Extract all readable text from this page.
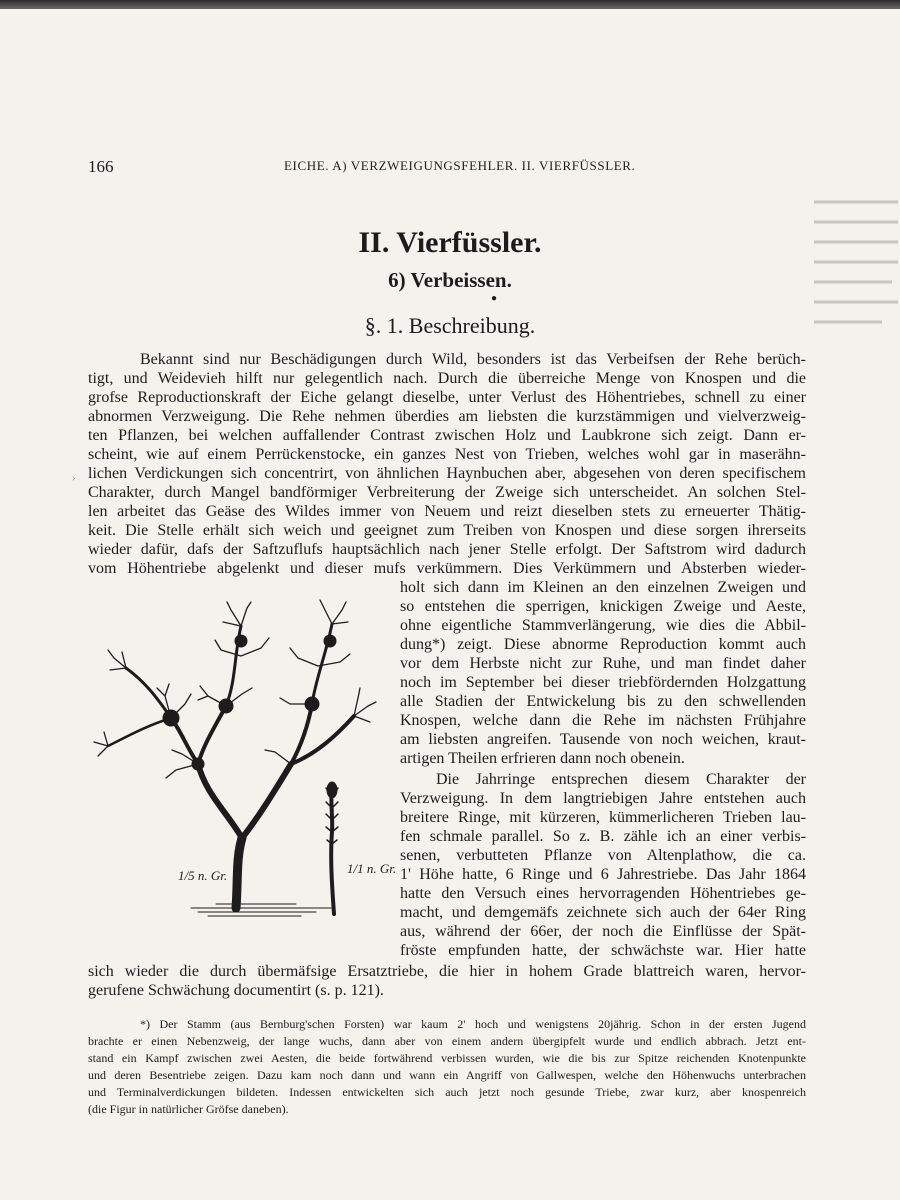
166	EICHE. A) VERZWEIGUNGSFEHLER. II. VIERFÜSSLER.
II. Vierfüssler.
6) Verbeissen.
●
§. 1. Beschreibung.
Bekannt sind nur Beschädigungen durch Wild, besonders ist das Verbeifsen der Rehe berüch-
tigt, und Weidevieh hilft nur gelegentlich nach. Durch die überreiche Menge von Knospen und die
grofse Reproductionskraft der Eiche gelangt dieselbe, unter Verlust des Höhentriebes, schnell zu einer
abnormen Verzweigung. Die Rehe nehmen überdies am liebsten die kurzstämmigen und vielverzweig-
ten Pflanzen, bei welchen auffallender Contrast zwischen Holz und Laubkrone sich zeigt. Dann er-
scheint, wie auf einem Perrückenstocke, ein ganzes Nest von Trieben, welches wohl gar in maserähn-
lichen Verdickungen sich concentrirt, von ähnlichen Haynbuchen aber, abgesehen von deren specifischem
Charakter, durch Mangel bandförmiger Verbreiterung der Zweige sich unterscheidet. An solchen Stel-
len arbeitet das Geäse des Wildes immer von Neuem und reizt dieselben stets zu erneuerter Thätig-
keit. Die Stelle erhält sich weich und geeignet zum Treiben von Knospen und diese sorgen ihrerseits
wieder dafür, dafs der Saftzuflufs hauptsächlich nach jener Stelle erfolgt. Der Saftstrom wird dadurch
vom Höhentriebe abgelenkt und dieser mufs verkümmern. Dies Verkümmern und Absterben wieder-
1/5 n. Gr.	1/1 n. Gr.
holt sich dann im Kleinen an den einzelnen Zweigen und
so entstehen die sperrigen, knickigen Zweige und Aeste,
ohne eigentliche Stammverlängerung, wie dies die Abbil-
dung*) zeigt. Diese abnorme Reproduction kommt auch
vor dem Herbste nicht zur Ruhe, und man findet daher
noch im September bei dieser triebfördernden Holzgattung
alle Stadien der Entwickelung bis zu den schwellenden
Knospen, welche dann die Rehe im nächsten Frühjahre
am liebsten angreifen. Tausende von noch weichen, kraut-
artigen Theilen erfrieren dann noch obenein.
Die Jahrringe entsprechen diesem Charakter der
Verzweigung. In dem langtriebigen Jahre entstehen auch
breitere Ringe, mit kürzeren, kümmerlicheren Trieben lau-
fen schmale parallel. So z. B. zähle ich an einer verbis-
senen, verbutteten Pflanze von Altenplathow, die ca.
1' Höhe hatte, 6 Ringe und 6 Jahrestriebe. Das Jahr 1864
hatte den Versuch eines hervorragenden Höhentriebes ge-
macht, und demgemäfs zeichnete sich auch der 64er Ring
aus, während der 66er, der noch die Einflüsse der Spät-
fröste empfunden hatte, der schwächste war. Hier hatte
sich wieder die durch übermäfsige Ersatztriebe, die hier in hohem Grade blattreich waren, hervor-
gerufene Schwächung documentirt (s. p. 121).
*) Der Stamm (aus Bernburg'schen Forsten) war kaum 2' hoch und wenigstens 20jährig. Schon in der ersten Jugend
brachte er einen Nebenzweig, der lange wuchs, dann aber von einem andern übergipfelt wurde und endlich abbrach. Jetzt ent-
stand ein Kampf zwischen zwei Aesten, die beide fortwährend verbissen wurden, wie die bis zur Spitze reichenden Knotenpunkte
und deren Besentriebe zeigen. Dazu kam noch dann und wann ein Angriff von Gallwespen, welche den Höhenwuchs unterbrachen
und Terminalverdickungen bildeten. Indessen entwickelten sich auch jetzt noch gesunde Triebe, zwar kurz, aber knospenreich
(die Figur in natürlicher Gröfse daneben).
›
